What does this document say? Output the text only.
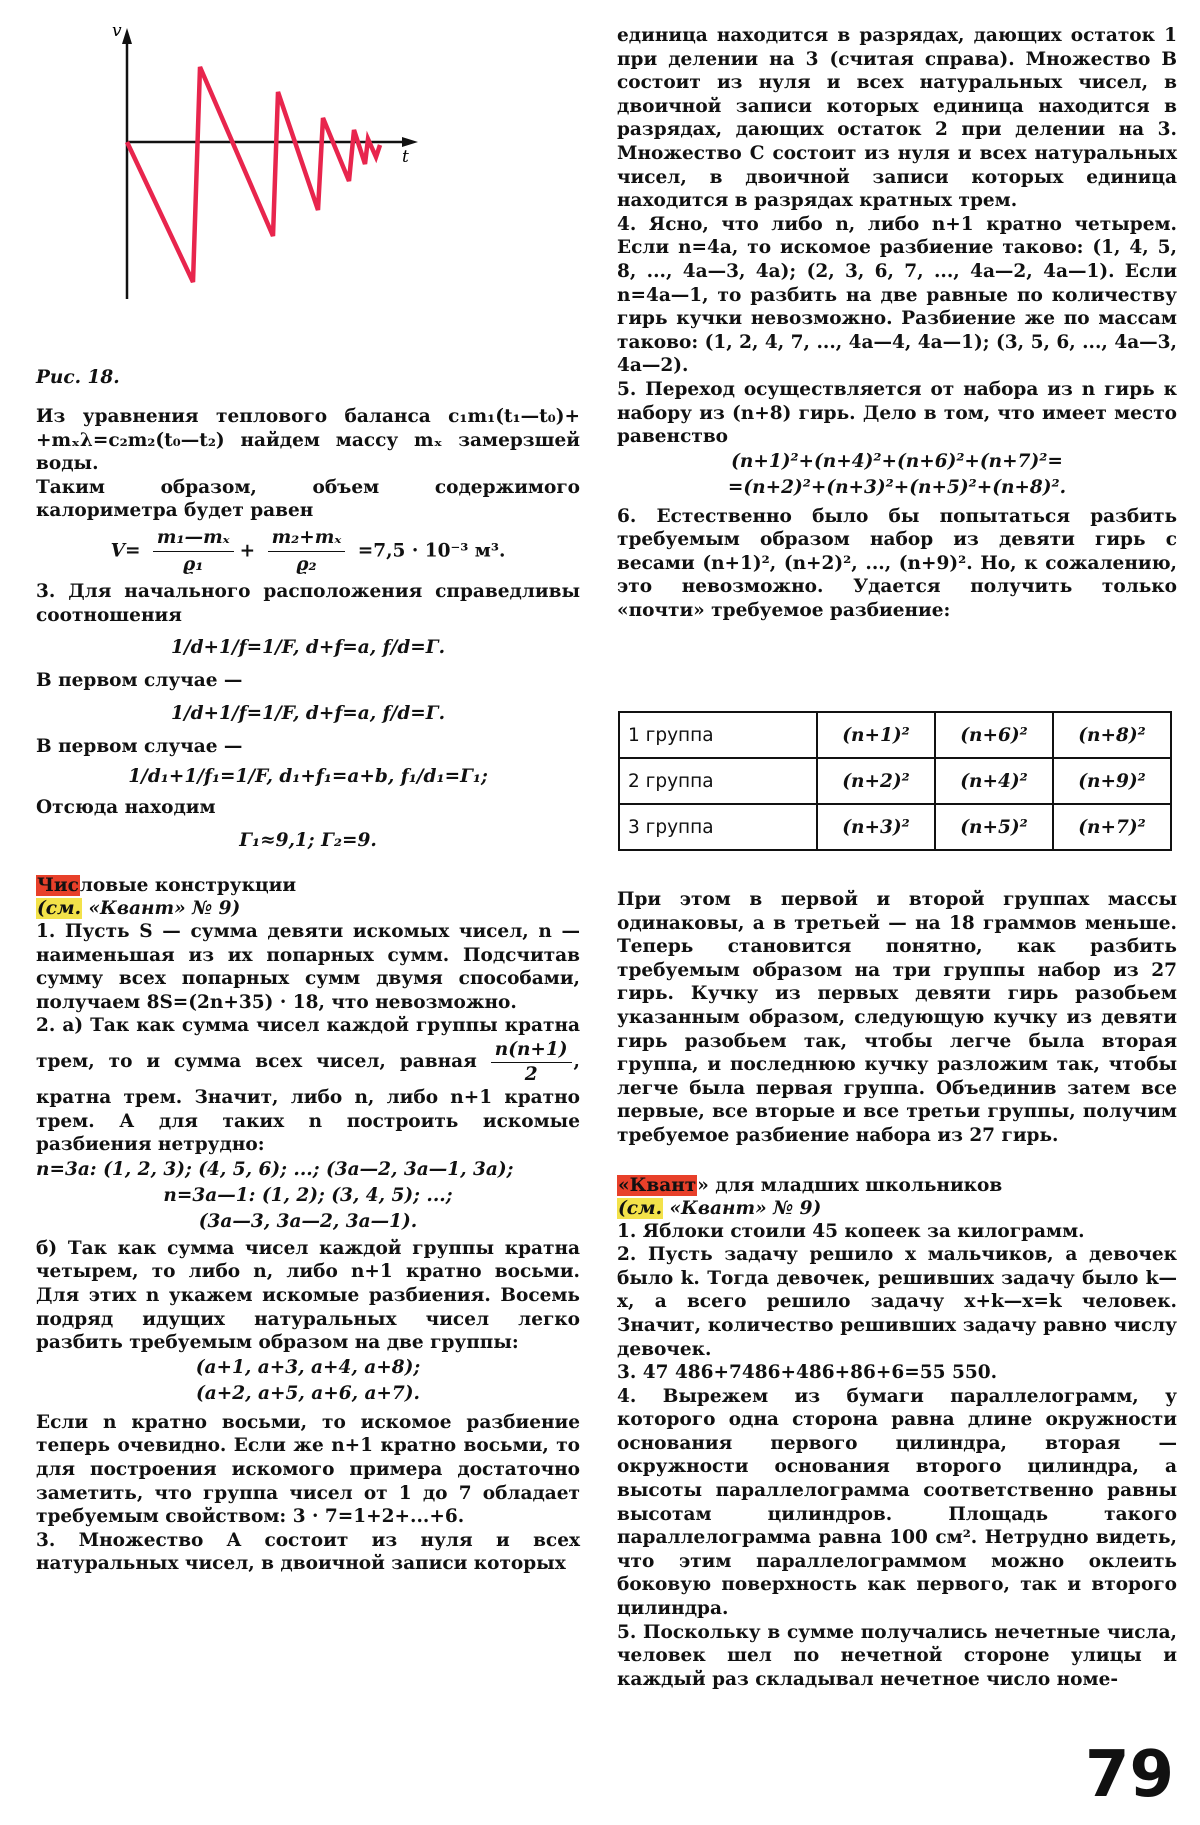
v
t
Рис. 18.

Из уравнения теплового баланса c₁m₁(t₁—t₀)+ +mₓλ=c₂m₂(t₀—t₂) найдем массу mₓ замерзшей воды.

Таким образом, объем содержимого калориметра будет равен

$V= \frac{\text{m₁—mₓ}}{\text{ϱ₁}} + \frac{\text{m₂+mₓ}}{\text{ϱ₂}} =7,5 \cdot 10^{-3}$ м³.

3. Для начального расположения справедливы соотношения

1/d+1/f=1/F, d+f=a, f/d=Г.

В первом случае —

1/d+1/f=1/F, d+f=a, f/d=Г.

В первом случае —

1/d₁+1/f₁=1/F, d₁+f₁=a+b, f₁/d₁=Г₁;

Отсюда находим

Г₁≈9,1; Г₂=9.

Числовые конструкции

(см. «Квант» № 9)

1. Пусть S — сумма девяти искомых чисел, n — наименьшая из их попарных сумм. Подсчитав сумму всех попарных сумм двумя способами, получаем 8S=(2n+35) · 18, что невозможно.

2. а) Так как сумма чисел каждой группы кратна трем, то и сумма всех чисел, равная $\frac{n(n+1)}{2}$ , кратна трем. Значит, либо n, либо n+1 кратно трем. А для таких n построить искомые разбиения нетрудно:

n=3a: (1, 2, 3); (4, 5, 6); ...; (3a—2, 3a—1, 3a);
n=3a—1: (1, 2); (3, 4, 5); ...;
(3a—3, 3a—2, 3a—1).

б) Так как сумма чисел каждой группы кратна четырем, то либо n, либо n+1 кратно восьми. Для этих n укажем искомые разбиения. Восемь подряд идущих натуральных чисел легко разбить требуемым образом на две группы:

(a+1, a+3, a+4, a+8);
(a+2, a+5, a+6, a+7).

Если n кратно восьми, то искомое разбиение теперь очевидно. Если же n+1 кратно восьми, то для построения искомого примера достаточно заметить, что группа чисел от 1 до 7 обладает требуемым свойством: 3 · 7=1+2+...+6.

3. Множество A состоит из нуля и всех натуральных чисел, в двоичной записи которых

единица находится в разрядах, дающих остаток 1 при делении на 3 (считая справа). Множество B состоит из нуля и всех натуральных чисел, в двоичной записи которых единица находится в разрядах, дающих остаток 2 при делении на 3. Множество C состоит из нуля и всех натуральных чисел, в двоичной записи которых единица находится в разрядах кратных трем.

4. Ясно, что либо n, либо n+1 кратно четырем. Если n=4a, то искомое разбиение таково: (1, 4, 5, 8, ..., 4a—3, 4a); (2, 3, 6, 7, ..., 4a—2, 4a—1). Если n=4a—1, то разбить на две равные по количеству гирь кучки невозможно. Разбиение же по массам таково: (1, 2, 4, 7, ..., 4a—4, 4a—1); (3, 5, 6, ..., 4a—3, 4a—2).

5. Переход осуществляется от набора из n гирь к набору из (n+8) гирь. Дело в том, что имеет место равенство

(n+1)²+(n+4)²+(n+6)²+(n+7)²=
=(n+2)²+(n+3)²+(n+5)²+(n+8)².

6. Естественно было бы попытаться разбить требуемым образом набор из девяти гирь с весами (n+1)², (n+2)², ..., (n+9)². Но, к сожалению, это невозможно. Удается получить только «почти» требуемое разбиение:

1 группа	(n+1)²	(n+6)²	(n+8)²
2 группа	(n+2)²	(n+4)²	(n+9)²
3 группа	(n+3)²	(n+5)²	(n+7)²

При этом в первой и второй группах массы одинаковы, а в третьей — на 18 граммов меньше. Теперь становится понятно, как разбить требуемым образом на три группы набор из 27 гирь. Кучку из первых девяти гирь разобьем указанным образом, следующую кучку из девяти гирь разобьем так, чтобы легче была вторая группа, и последнюю кучку разложим так, чтобы легче была первая группа. Объединив затем все первые, все вторые и все третьи группы, получим требуемое разбиение набора из 27 гирь.

«Квант» для младших школьников

(см. «Квант» № 9)

1. Яблоки стоили 45 копеек за килограмм.

2. Пусть задачу решило x мальчиков, а девочек было k. Тогда девочек, решивших задачу было k—x, а всего решило задачу x+k—x=k человек. Значит, количество решивших задачу равно числу девочек.

3. 47 486+7486+486+86+6=55 550.

4. Вырежем из бумаги параллелограмм, у которого одна сторона равна длине окружности основания первого цилиндра, вторая — окружности основания второго цилиндра, а высоты параллелограмма соответственно равны высотам цилиндров. Площадь такого параллелограмма равна 100 см². Нетрудно видеть, что этим параллелограммом можно оклеить боковую поверхность как первого, так и второго цилиндра.

5. Поскольку в сумме получались нечетные числа, человек шел по нечетной стороне улицы и каждый раз складывал нечетное число номе-

79
